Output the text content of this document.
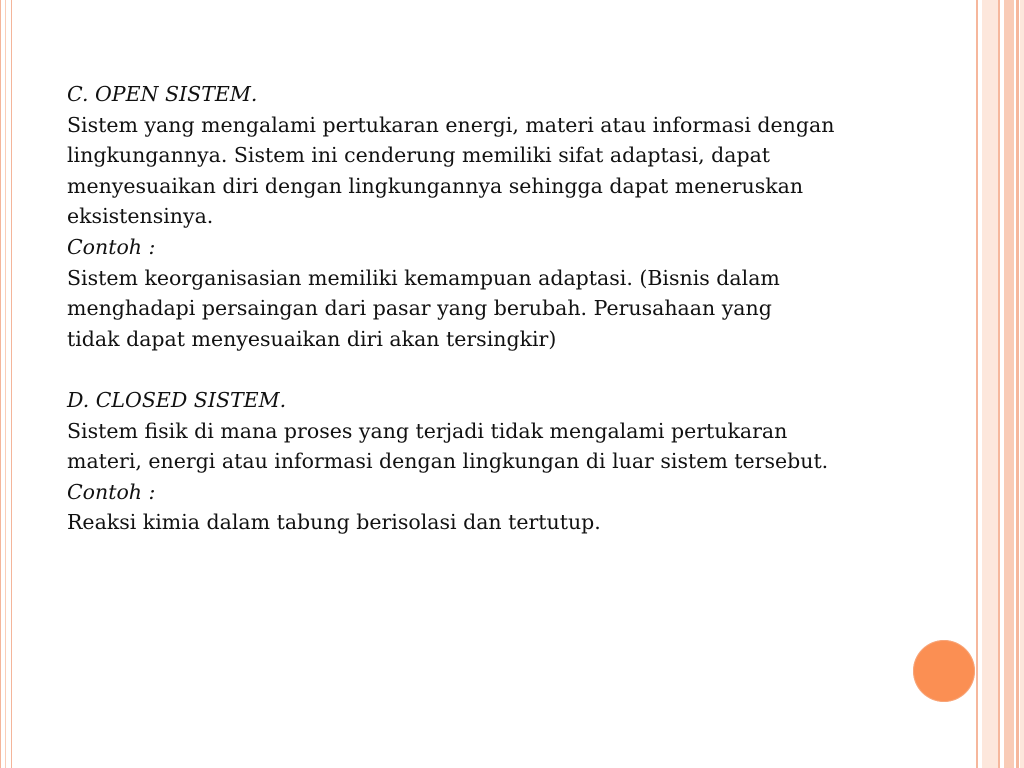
C. OPEN SISTEM.

Sistem yang mengalami pertukaran energi, materi atau informasi dengan

lingkungannya. Sistem ini cenderung memiliki sifat adaptasi, dapat

menyesuaikan diri dengan lingkungannya sehingga dapat meneruskan

eksistensinya.

Contoh :

Sistem keorganisasian memiliki kemampuan adaptasi. (Bisnis dalam

menghadapi persaingan dari pasar yang berubah. Perusahaan yang

tidak dapat menyesuaikan diri akan tersingkir)

D. CLOSED SISTEM.

Sistem fisik di mana proses yang terjadi tidak mengalami pertukaran

materi, energi atau informasi dengan lingkungan di luar sistem tersebut.

Contoh :

Reaksi kimia dalam tabung berisolasi dan tertutup.
